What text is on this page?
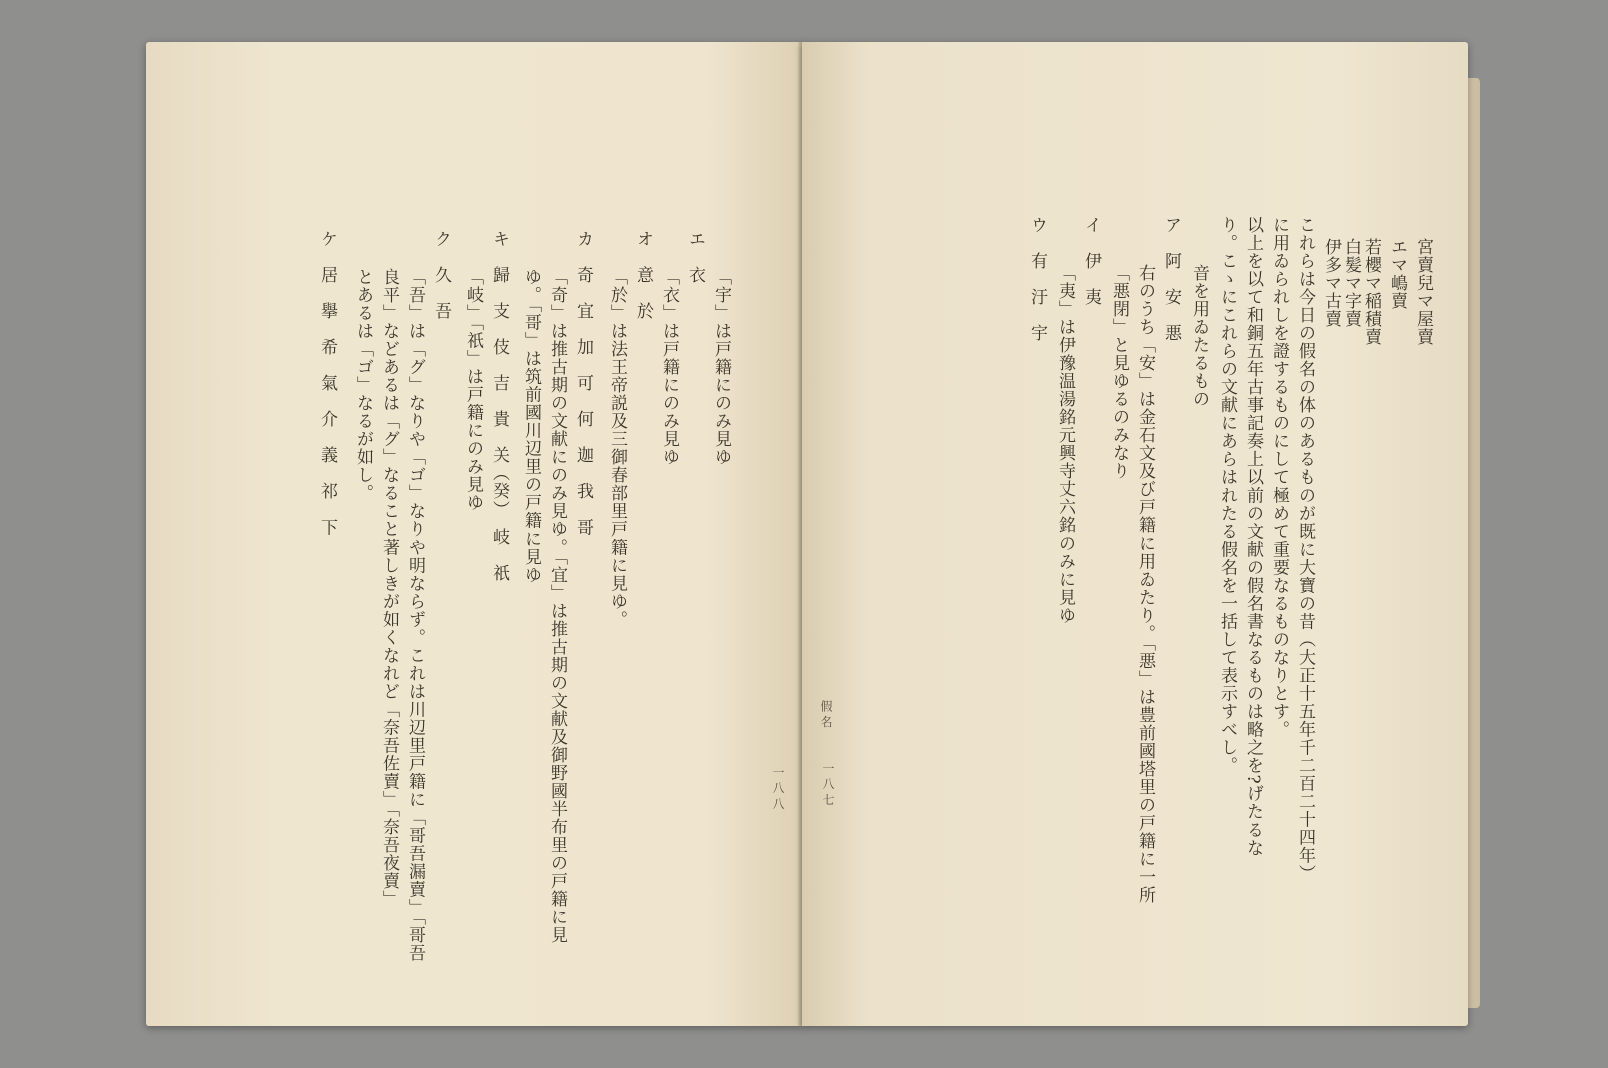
「宇」は戸籍にのみ見ゆ
エ　衣
「衣」は戸籍にのみ見ゆ
オ　意　於
「於」は法王帝説及三御春部里戸籍に見ゆ。
カ　奇　宜　加　可　何　迦　我　哥
「奇」は推古期の文献にのみ見ゆ。「宜」は推古期の文献及御野國半布里の戸籍に見
ゆ。「哥」は筑前國川辺里の戸籍に見ゆ
キ　歸　支　伎　吉　貴　关（癸）　岐　祇
「岐」「祇」は戸籍にのみ見ゆ
ク　久　吾
「吾」は「グ」なりや「ゴ」なりや明ならず。これは川辺里戸籍に「哥吾漏賣」「哥吾
良平」などあるは「グ」なること著しきが如くなれど「奈吾佐賣」「奈吾夜賣」
とあるは「ゴ」なるが如し。
ケ　居　擧　希　氣　介　義　祁　下
一八八
宮賣兒マ屋賣
エマ嶋賣
若櫻マ稲積賣
白髪マ字賣
伊多マ古賣
これらは今日の假名の体のあるものが既に大寶の昔（大正十五年千二百二十四年）
に用ゐられしを證するものにして極めて重要なるものなりとす。
以上を以て和銅五年古事記奏上以前の文献の假名書なるものは略之を?げたるな
り。こゝにこれらの文献にあらはれたる假名を一括して表示すべし。
音を用ゐたるもの
ア　阿　安　悪
右のうち「安」は金石文及び戸籍に用ゐたり。「悪」は豊前國塔里の戸籍に一所
「悪閉」と見ゆるのみなり
イ　伊　夷
「夷」は伊豫温湯銘元興寺丈六銘のみに見ゆ
ウ　有　汙　宇
假名
一八七
